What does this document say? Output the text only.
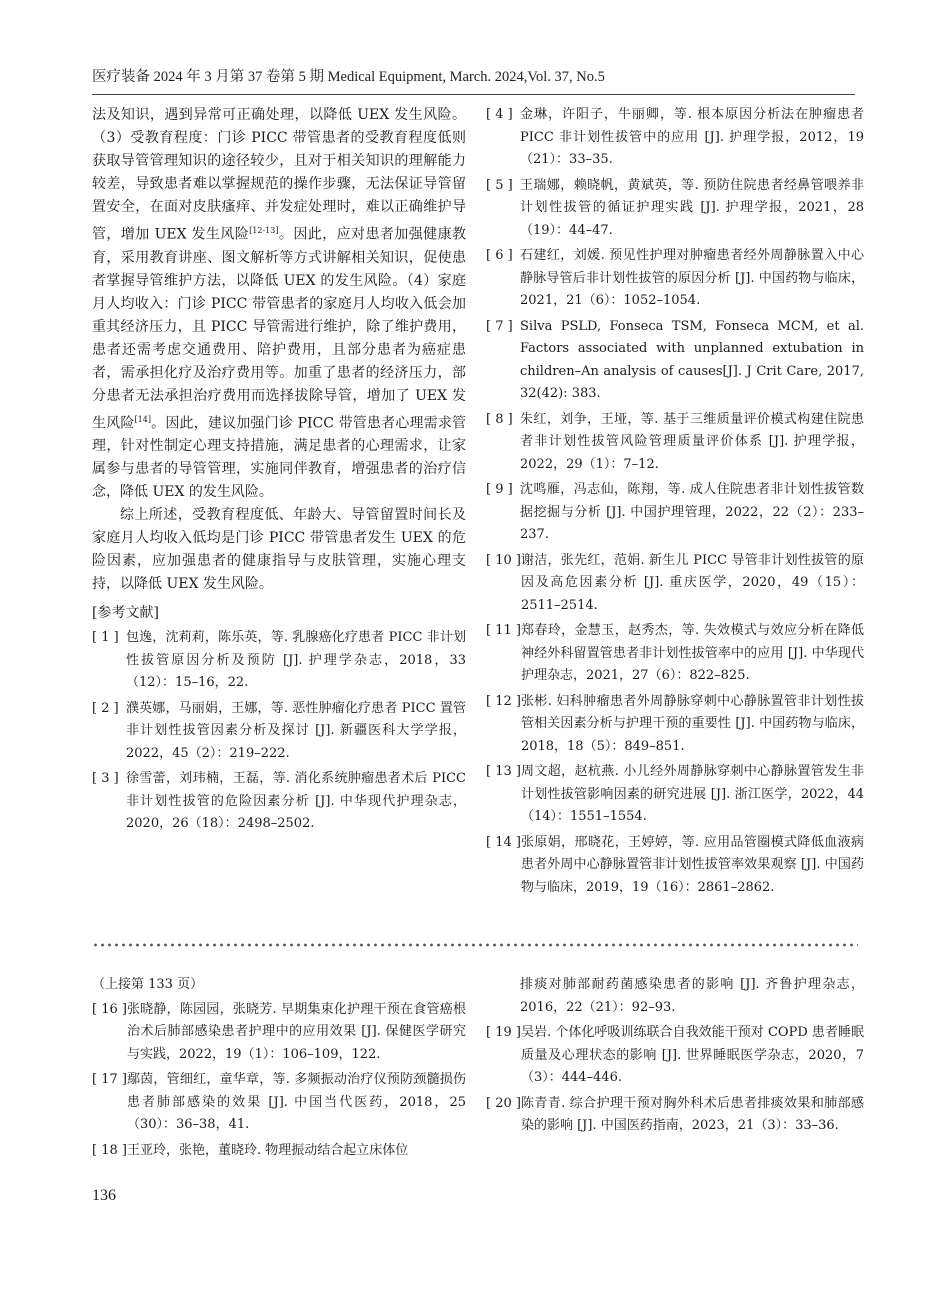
医疗装备 2024 年 3 月第 37 卷第 5 期 Medical Equipment, March. 2024,Vol. 37, No.5

法及知识，遇到异常可正确处理，以降低 UEX 发生风险。（3）受教育程度：门诊 PICC 带管患者的受教育程度低则获取导管管理知识的途径较少，且对于相关知识的理解能力较差，导致患者难以掌握规范的操作步骤，无法保证导管留置安全，在面对皮肤瘙痒、并发症处理时，难以正确维护导管，增加 UEX 发生风险[12-13]。因此，应对患者加强健康教育，采用教育讲座、图文解析等方式讲解相关知识，促使患者掌握导管维护方法，以降低 UEX 的发生风险。（4）家庭月人均收入：门诊 PICC 带管患者的家庭月人均收入低会加重其经济压力，且 PICC 导管需进行维护，除了维护费用，患者还需考虑交通费用、陪护费用，且部分患者为癌症患者，需承担化疗及治疗费用等。加重了患者的经济压力，部分患者无法承担治疗费用而选择拔除导管，增加了 UEX 发生风险[14]。因此，建议加强门诊 PICC 带管患者心理需求管理，针对性制定心理支持措施，满足患者的心理需求，让家属参与患者的导管管理，实施同伴教育，增强患者的治疗信念，降低 UEX 的发生风险。

综上所述，受教育程度低、年龄大、导管留置时间长及家庭月人均收入低均是门诊 PICC 带管患者发生 UEX 的危险因素，应加强患者的健康指导与皮肤管理，实施心理支持，以降低 UEX 发生风险。

[参考文献]
[ 1 ] 包逸，沈莉莉，陈乐英，等. 乳腺癌化疗患者 PICC 非计划性拔管原因分析及预防 [J]. 护理学杂志，2018，33（12）：15–16，22.
[ 2 ] 濮英娜，马丽娟，王娜，等. 恶性肿瘤化疗患者 PICC 置管非计划性拔管因素分析及探讨 [J]. 新疆医科大学学报，2022，45（2）：219–222.
[ 3 ] 徐雪蕾，刘玮楠，王磊，等. 消化系统肿瘤患者术后 PICC 非计划性拔管的危险因素分析 [J]. 中华现代护理杂志，2020，26（18）：2498–2502.
[ 4 ] 金琳，许阳子，牛丽卿，等. 根本原因分析法在肿瘤患者 PICC 非计划性拔管中的应用 [J]. 护理学报，2012，19（21）：33–35.
[ 5 ] 王瑞娜，赖晓帆，黄斌英，等. 预防住院患者经鼻管喂养非计划性拔管的循证护理实践 [J]. 护理学报，2021，28（19）：44–47.
[ 6 ] 石建红，刘媛. 预见性护理对肿瘤患者经外周静脉置入中心静脉导管后非计划性拔管的原因分析 [J]. 中国药物与临床，2021，21（6）：1052–1054.
[ 7 ] Silva PSLD, Fonseca TSM, Fonseca MCM, et al. Factors associated with unplanned extubation in children–An analysis of causes[J]. J Crit Care, 2017, 32(42): 383.
[ 8 ] 朱红，刘争，王垭，等. 基于三维质量评价模式构建住院患者非计划性拔管风险管理质量评价体系 [J]. 护理学报，2022，29（1）：7–12.
[ 9 ] 沈鸣雁，冯志仙，陈翔，等. 成人住院患者非计划性拔管数据挖掘与分析 [J]. 中国护理管理，2022，22（2）：233–237.
[ 10 ] 谢洁，张先红，范娟. 新生儿 PICC 导管非计划性拔管的原因及高危因素分析 [J]. 重庆医学，2020，49（15）：2511–2514.
[ 11 ] 郑春玲，金慧玉，赵秀杰，等. 失效模式与效应分析在降低神经外科留置管患者非计划性拔管率中的应用 [J]. 中华现代护理杂志，2021，27（6）：822–825.
[ 12 ] 张彬. 妇科肿瘤患者外周静脉穿刺中心静脉置管非计划性拔管相关因素分析与护理干预的重要性 [J]. 中国药物与临床，2018，18（5）：849–851.
[ 13 ] 周文超，赵杭燕. 小儿经外周静脉穿刺中心静脉置管发生非计划性拔管影响因素的研究进展 [J]. 浙江医学，2022，44（14）：1551–1554.
[ 14 ] 张原娟，邢晓花，王婷婷，等. 应用品管圈模式降低血液病患者外周中心静脉置管非计划性拔管率效果观察 [J]. 中国药物与临床，2019，19（16）：2861–2862.
（上接第 133 页）
[ 16 ] 张晓静，陈园园，张晓芳. 早期集束化护理干预在食管癌根治术后肺部感染患者护理中的应用效果 [J]. 保健医学研究与实践，2022，19（1）：106–109，122.
[ 17 ] 鄢茵，管细红，童华章，等. 多频振动治疗仪预防颈髓损伤患者肺部感染的效果 [J]. 中国当代医药，2018，25（30）：36–38，41.
[ 18 ] 王亚玲，张艳，董晓玲. 物理振动结合起立床体位
排痰对肺部耐药菌感染患者的影响 [J]. 齐鲁护理杂志，2016，22（21）：92–93.
[ 19 ] 吴岩. 个体化呼吸训练联合自我效能干预对 COPD 患者睡眠质量及心理状态的影响 [J]. 世界睡眠医学杂志，2020，7（3）：444–446.
[ 20 ] 陈青青. 综合护理干预对胸外科术后患者排痰效果和肺部感染的影响 [J]. 中国医药指南，2023，21（3）：33–36.
136
